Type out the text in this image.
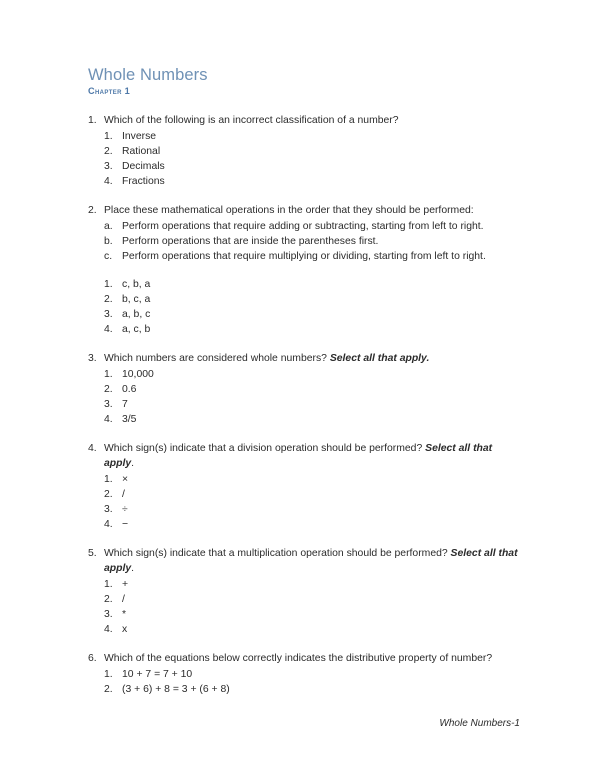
Whole Numbers
Chapter 1
1. Which of the following is an incorrect classification of a number?
1. Inverse
2. Rational
3. Decimals
4. Fractions
2. Place these mathematical operations in the order that they should be performed:
a. Perform operations that require adding or subtracting, starting from left to right.
b. Perform operations that are inside the parentheses first.
c. Perform operations that require multiplying or dividing, starting from left to right.
1. c, b, a
2. b, c, a
3. a, b, c
4. a, c, b
3. Which numbers are considered whole numbers? Select all that apply.
1. 10,000
2. 0.6
3. 7
4. 3/5
4. Which sign(s) indicate that a division operation should be performed? Select all that apply.
1. ×
2. /
3. ÷
4. −
5. Which sign(s) indicate that a multiplication operation should be performed? Select all that apply.
1. +
2. /
3. *
4. x
6. Which of the equations below correctly indicates the distributive property of number?
1. 10 + 7 = 7 + 10
2. (3 + 6) + 8 = 3 + (6 + 8)
Whole Numbers-1
